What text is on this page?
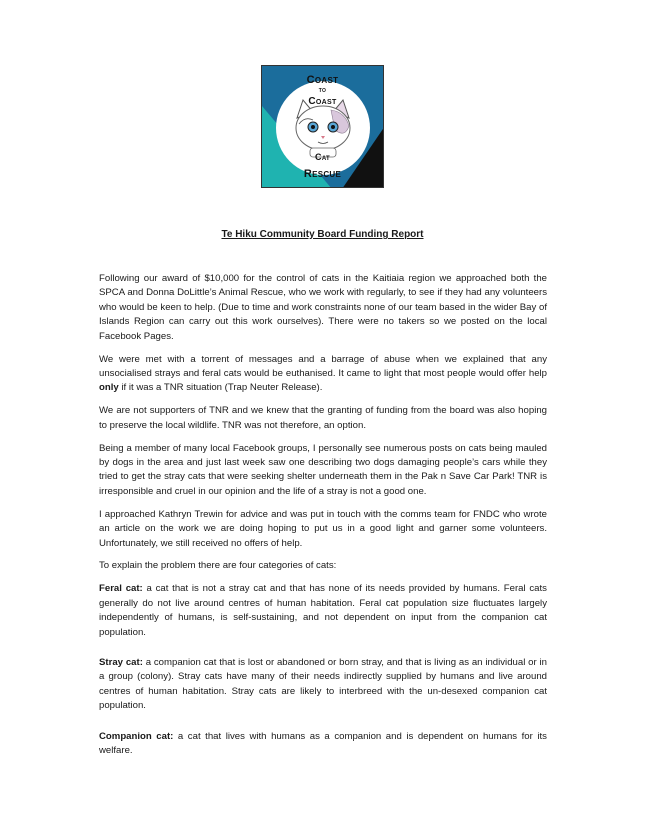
Coast
to
Coast
Cat
Rescue
Te Hiku Community Board Funding Report

Following our award of $10,000 for the control of cats in the Kaitiaia region we approached both the SPCA and Donna DoLittle’s Animal Rescue, who we work with regularly, to see if they had any volunteers who would be keen to help. (Due to time and work constraints none of our team based in the wider Bay of Islands Region can carry out this work ourselves). There were no takers so we posted on the local Facebook Pages.

We were met with a torrent of messages and a barrage of abuse when we explained that any unsocialised strays and feral cats would be euthanised. It came to light that most people would offer help only if it was a TNR situation (Trap Neuter Release).

We are not supporters of TNR and we knew that the granting of funding from the board was also hoping to preserve the local wildlife. TNR was not therefore, an option.

Being a member of many local Facebook groups, I personally see numerous posts on cats being mauled by dogs in the area and just last week saw one describing two dogs damaging people’s cars while they tried to get the stray cats that were seeking shelter underneath them in the Pak n Save Car Park! TNR is irresponsible and cruel in our opinion and the life of a stray is not a good one.

I approached Kathryn Trewin for advice and was put in touch with the comms team for FNDC who wrote an article on the work we are doing hoping to put us in a good light and garner some volunteers. Unfortunately, we still received no offers of help.

To explain the problem there are four categories of cats:

Feral cat: a cat that is not a stray cat and that has none of its needs provided by humans. Feral cats generally do not live around centres of human habitation. Feral cat population size fluctuates largely independently of humans, is self-sustaining, and not dependent on input from the companion cat population.

Stray cat: a companion cat that is lost or abandoned or born stray, and that is living as an individual or in a group (colony). Stray cats have many of their needs indirectly supplied by humans and live around centres of human habitation. Stray cats are likely to interbreed with the un-desexed companion cat population.

Companion cat: a cat that lives with humans as a companion and is dependent on humans for its welfare.
